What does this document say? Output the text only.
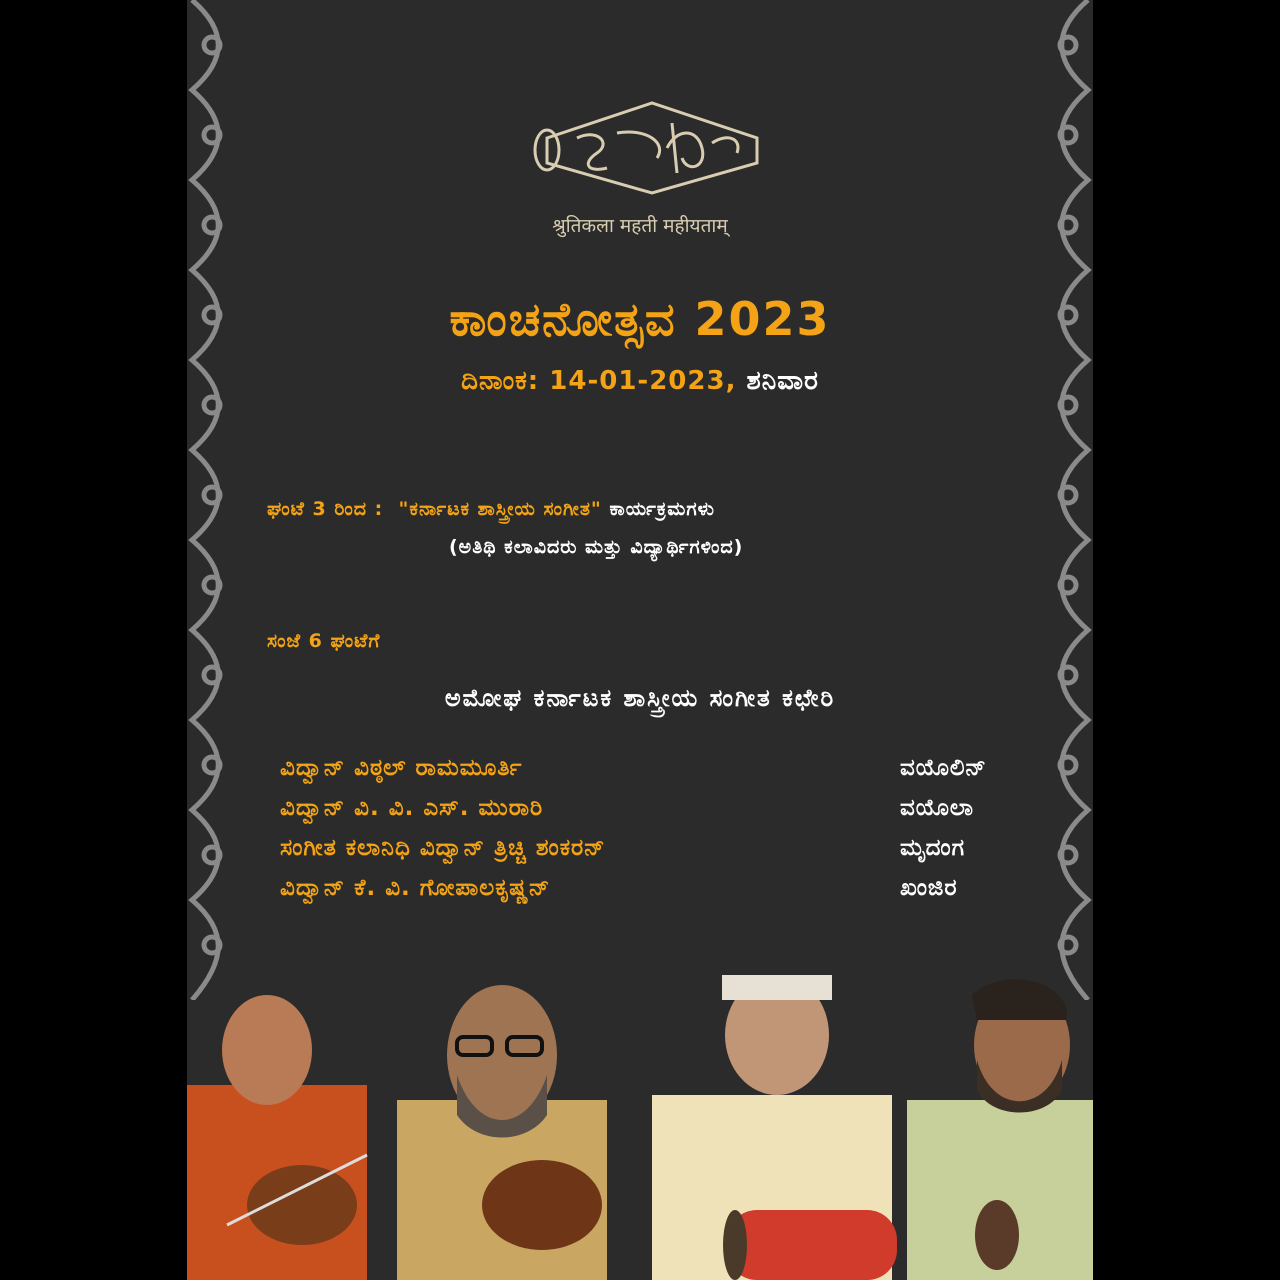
श्रुतिकला महती महीयताम्
ಕಾಂಚನೋತ್ಸವ 2023
ದಿನಾಂಕ: 14-01-2023, ಶನಿವಾರ
ಘಂಟೆ 3 ರಿಂದ : "ಕರ್ನಾಟಕ ಶಾಸ್ತ್ರೀಯ ಸಂಗೀತ" ಕಾರ್ಯಕ್ರಮಗಳು
(ಅತಿಥಿ ಕಲಾವಿದರು ಮತ್ತು ವಿದ್ಯಾರ್ಥಿಗಳಿಂದ)
ಸಂಜೆ 6 ಘಂಟೆಗೆ
ಅಮೋಘ ಕರ್ನಾಟಕ ಶಾಸ್ತ್ರೀಯ ಸಂಗೀತ ಕಛೇರಿ
ವಿದ್ವಾನ್ ವಿಠ್ಠಲ್ ರಾಮಮೂರ್ತಿ	ವಯೊಲಿನ್
ವಿದ್ವಾನ್ ವಿ. ವಿ. ಎಸ್. ಮುರಾರಿ	ವಯೊಲಾ
ಸಂಗೀತ ಕಲಾನಿಧಿ ವಿದ್ವಾನ್ ತ್ರಿಚ್ಚಿ ಶಂಕರನ್	ಮೃದಂಗ
ವಿದ್ವಾನ್ ಕೆ. ವಿ. ಗೋಪಾಲಕೃಷ್ಣನ್	ಖಂಜಿರ
